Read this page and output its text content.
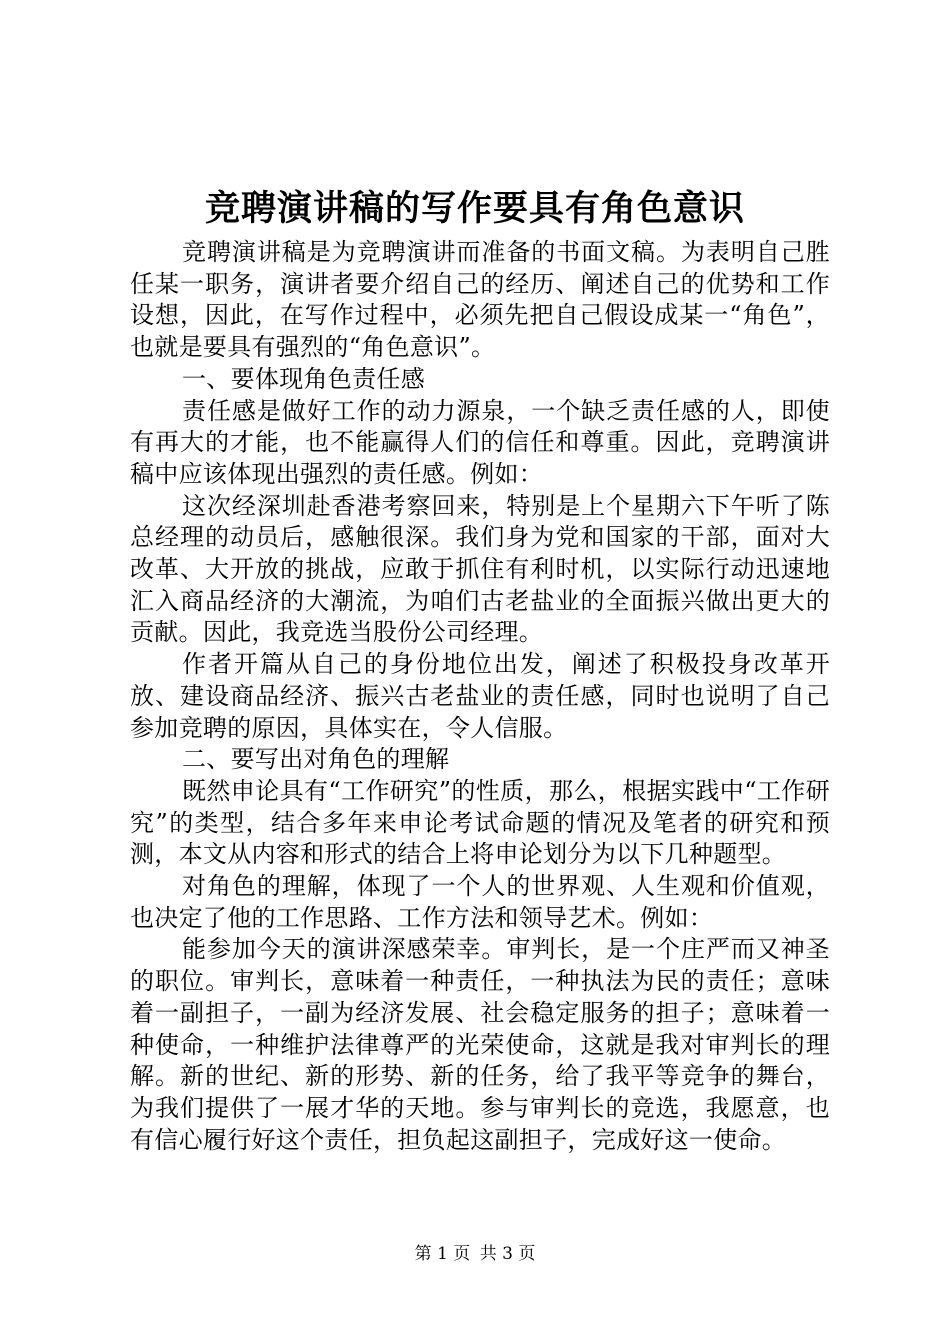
竞聘演讲稿的写作要具有角色意识

竞聘演讲稿是为竞聘演讲而准备的书面文稿。为表明自己胜任某一职务，演讲者要介绍自己的经历、阐述自己的优势和工作设想，因此，在写作过程中，必须先把自己假设成某一“角色”，也就是要具有强烈的“角色意识”。

一、要体现角色责任感

责任感是做好工作的动力源泉，一个缺乏责任感的人，即使有再大的才能，也不能赢得人们的信任和尊重。因此，竞聘演讲稿中应该体现出强烈的责任感。例如：

这次经深圳赴香港考察回来，特别是上个星期六下午听了陈总经理的动员后，感触很深。我们身为党和国家的干部，面对大改革、大开放的挑战，应敢于抓住有利时机，以实际行动迅速地汇入商品经济的大潮流，为咱们古老盐业的全面振兴做出更大的贡献。因此，我竞选当股份公司经理。

作者开篇从自己的身份地位出发，阐述了积极投身改革开放、建设商品经济、振兴古老盐业的责任感，同时也说明了自己参加竞聘的原因，具体实在，令人信服。

二、要写出对角色的理解

既然申论具有“工作研究”的性质，那么，根据实践中“工作研究”的类型，结合多年来申论考试命题的情况及笔者的研究和预测，本文从内容和形式的结合上将申论划分为以下几种题型。

对角色的理解，体现了一个人的世界观、人生观和价值观，也决定了他的工作思路、工作方法和领导艺术。例如：

能参加今天的演讲深感荣幸。审判长，是一个庄严而又神圣的职位。审判长，意味着一种责任，一种执法为民的责任；意味着一副担子，一副为经济发展、社会稳定服务的担子；意味着一种使命，一种维护法律尊严的光荣使命，这就是我对审判长的理解。新的世纪、新的形势、新的任务，给了我平等竞争的舞台，为我们提供了一展才华的天地。参与审判长的竞选，我愿意，也有信心履行好这个责任，担负起这副担子，完成好这一使命。

第 1 页 共 3 页
